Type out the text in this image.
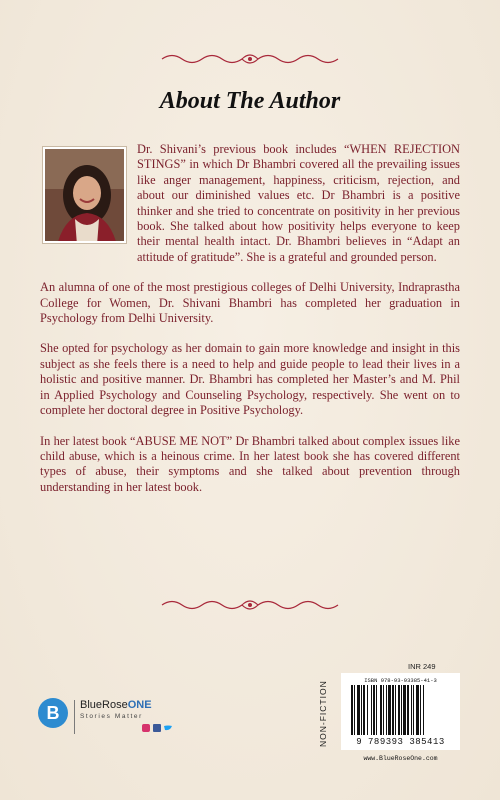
About The Author

Dr. Shivani’s previous book includes “WHEN REJECTION STINGS” in which Dr Bhambri covered all the prevailing issues like anger management, happiness, criticism, rejection, and about our diminished values etc. Dr Bhambri is a positive thinker and she tried to concentrate on positivity in her previous book. She talked about how positivity helps everyone to keep their mental health intact. Dr. Bhambri believes in “Adapt an attitude of gratitude”. She is a grateful and grounded person.

An alumna of one of the most prestigious colleges of Delhi University, Indraprastha College for Women, Dr. Shivani Bhambri has completed her graduation in Psychology from Delhi University.

She opted for psychology as her domain to gain more knowledge and insight in this subject as she feels there is a need to help and guide people to lead their lives in a holistic and positive manner. Dr. Bhambri has completed her Master’s and M. Phil in Applied Psychology and Counseling Psychology, respectively. She went on to complete her doctoral degree in Positive Psychology.

In her latest book “ABUSE ME NOT” Dr Bhambri talked about complex issues like child abuse, which is a heinous crime. In her latest book she has covered different types of abuse, their symptoms and she talked about prevention through understanding in her latest book.

B	BlueRoseONE
Stories Matter
INR 249
NON-FICTION
ISBN 978-93-93385-41-3
9 789393 385413
www.BlueRoseOne.com
